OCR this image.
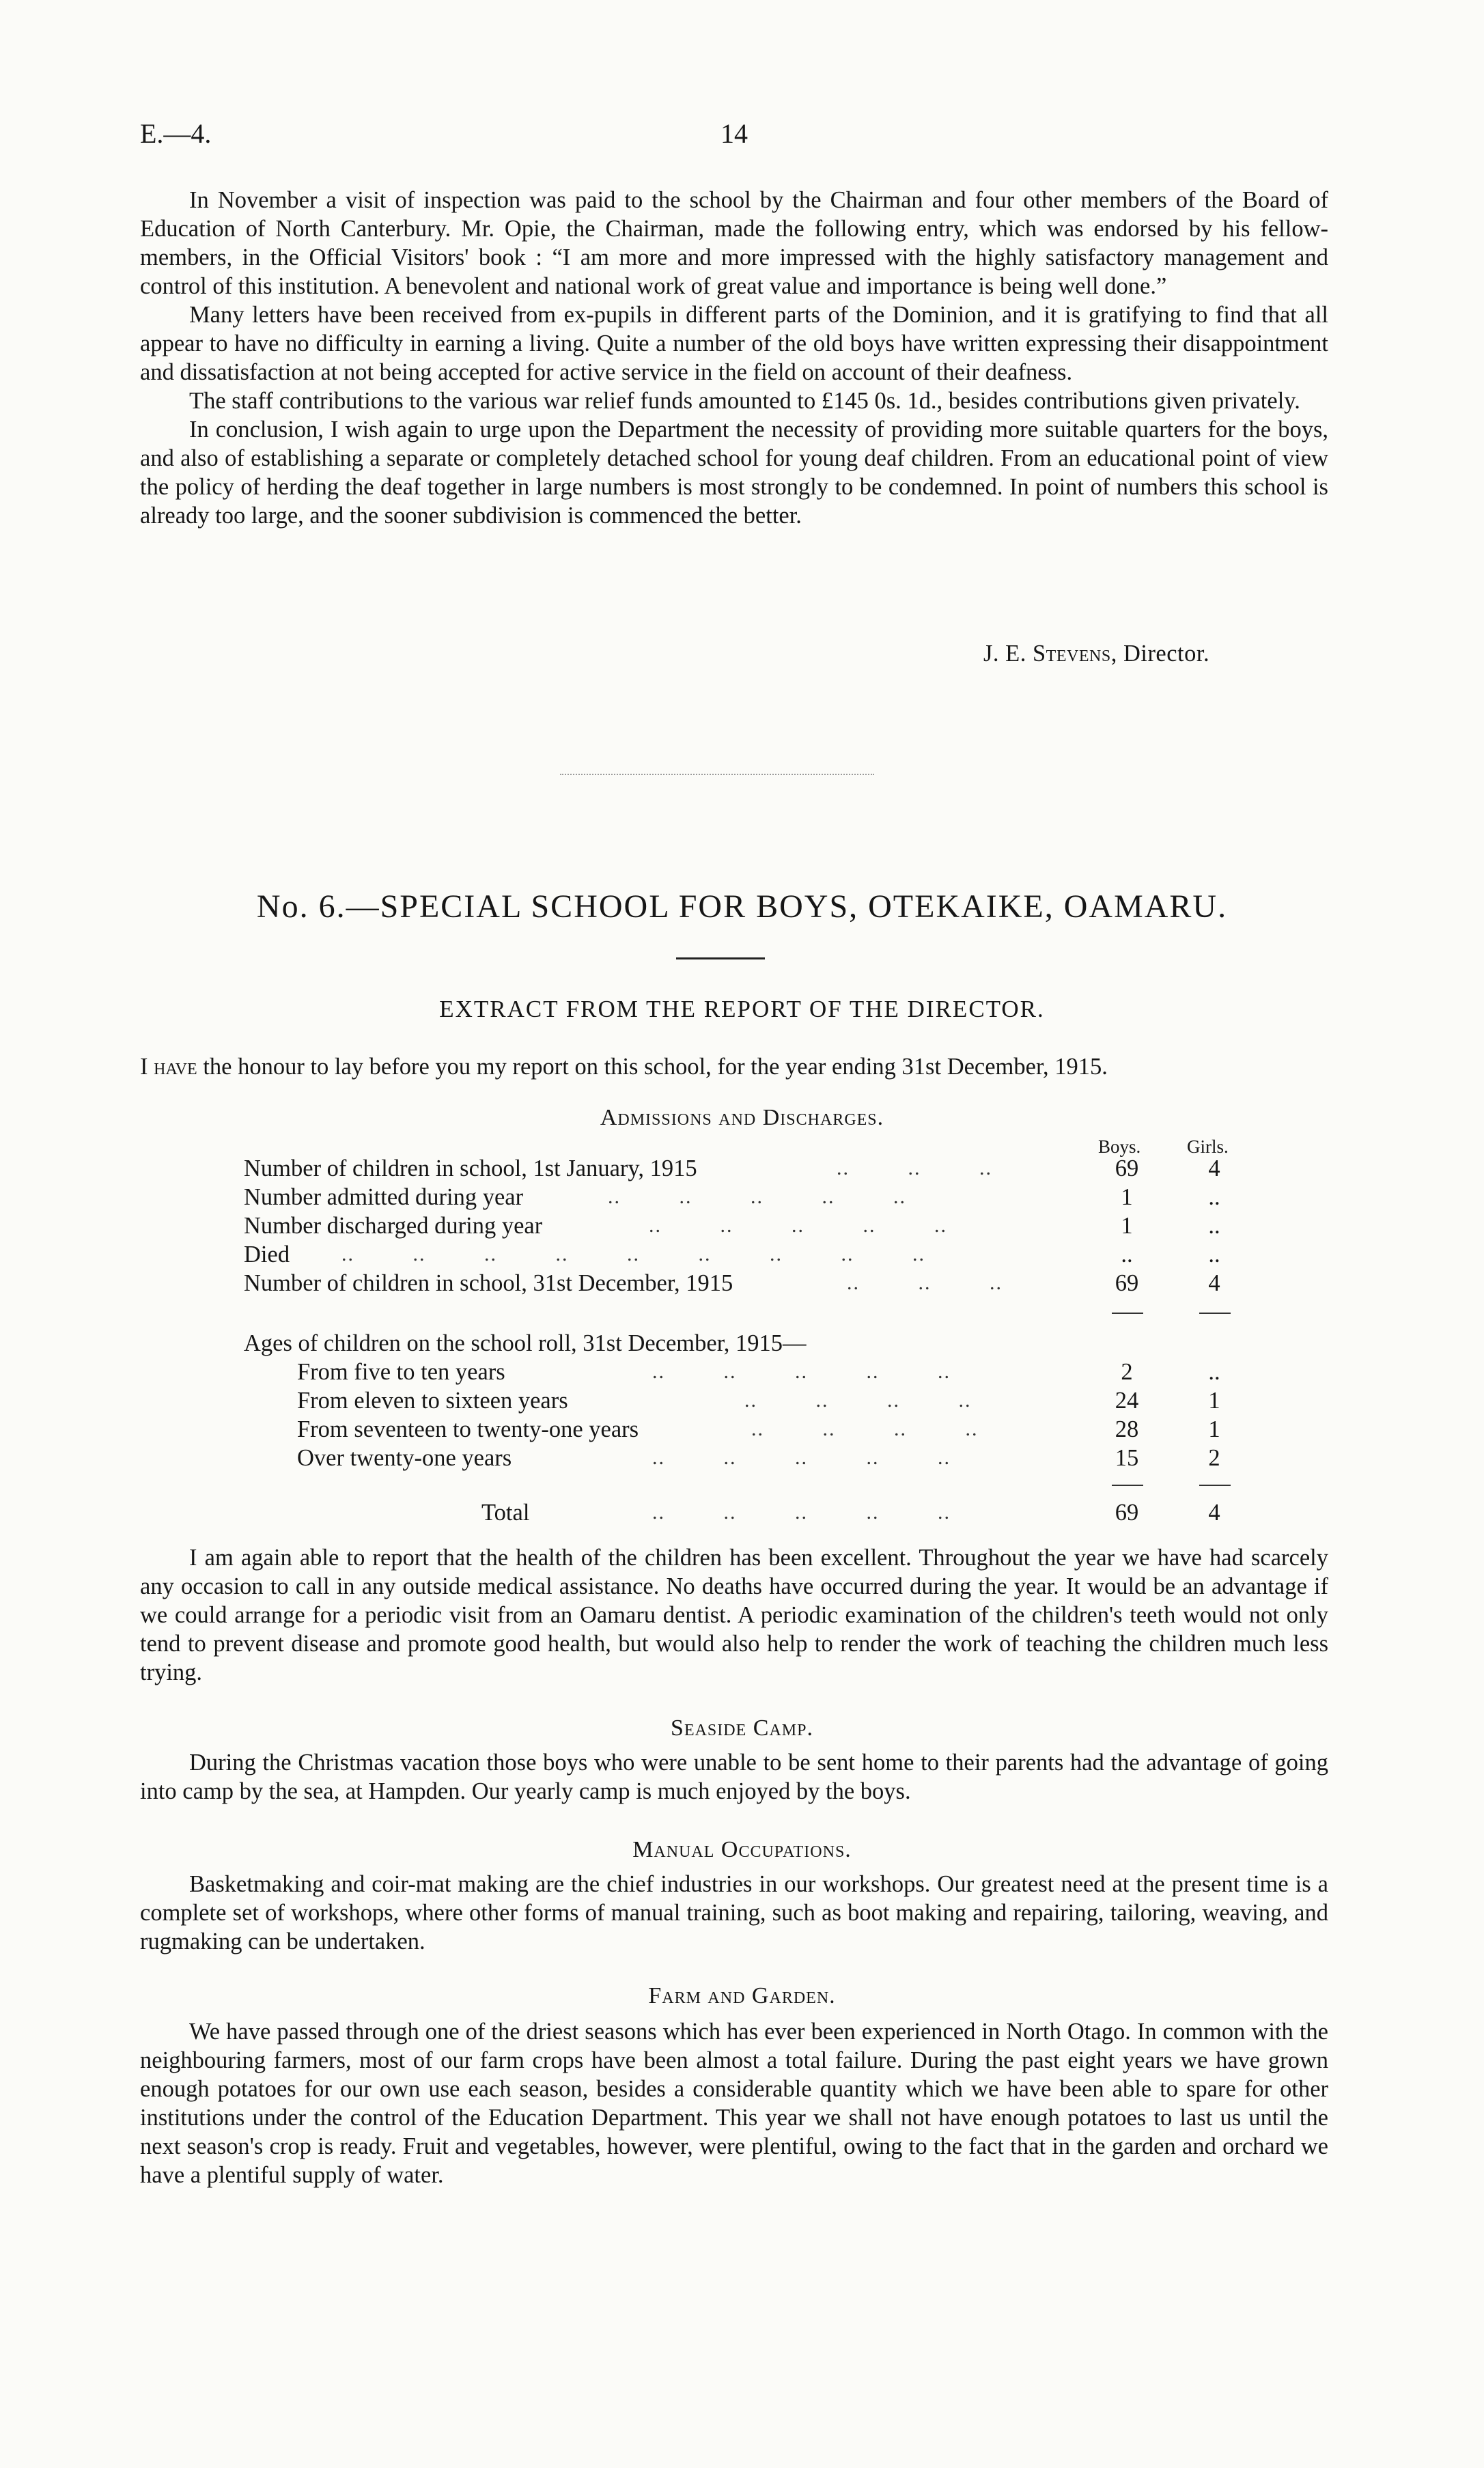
E.—4.	14

In November a visit of inspection was paid to the school by the Chairman and four other members of the Board of Education of North Canterbury. Mr. Opie, the Chairman, made the following entry, which was endorsed by his fellow-members, in the Official Visitors' book : “I am more and more impressed with the highly satisfactory management and control of this institution. A benevolent and national work of great value and importance is being well done.”

Many letters have been received from ex-pupils in different parts of the Dominion, and it is gratifying to find that all appear to have no difficulty in earning a living. Quite a number of the old boys have written expressing their disappointment and dissatisfaction at not being accepted for active service in the field on account of their deafness.

The staff contributions to the various war relief funds amounted to £145 0s. 1d., besides contributions given privately.

In conclusion, I wish again to urge upon the Department the necessity of providing more suitable quarters for the boys, and also of establishing a separate or completely detached school for young deaf children. From an educational point of view the policy of herding the deaf together in large numbers is most strongly to be condemned. In point of numbers this school is already too large, and the sooner subdivision is commenced the better.

J. E. Stevens, Director.
No. 6.—SPECIAL SCHOOL FOR BOYS, OTEKAIKE, OAMARU.
EXTRACT FROM THE REPORT OF THE DIRECTOR.
I have the honour to lay before you my report on this school, for the year ending 31st December, 1915.
Admissions and Discharges.
Boys.	Girls.
Number of children in school, 1st January, 1915	..         ..         ..	69	4
Number admitted during year	..         ..         ..         ..         ..	1	..
Number discharged during year	..         ..         ..         ..         ..	1	..
Died	..         ..         ..         ..         ..         ..         ..         ..         ..	..	..
Number of children in school, 31st December, 1915	..         ..         ..	69	4
Ages of children on the school roll, 31st December, 1915—
From five to ten years	..         ..         ..         ..         ..	2	..
From eleven to sixteen years	..         ..         ..         ..	24	1
From seventeen to twenty-one years	..         ..         ..         ..	28	1
Over twenty-one years	..         ..         ..         ..         ..	15	2
Total	..         ..         ..         ..         ..	69	4

I am again able to report that the health of the children has been excellent. Throughout the year we have had scarcely any occasion to call in any outside medical assistance. No deaths have occurred during the year. It would be an advantage if we could arrange for a periodic visit from an Oamaru dentist. A periodic examination of the children's teeth would not only tend to prevent disease and promote good health, but would also help to render the work of teaching the children much less trying.

Seaside Camp.

During the Christmas vacation those boys who were unable to be sent home to their parents had the advantage of going into camp by the sea, at Hampden. Our yearly camp is much enjoyed by the boys.

Manual Occupations.

Basketmaking and coir-mat making are the chief industries in our workshops. Our greatest need at the present time is a complete set of workshops, where other forms of manual training, such as boot making and repairing, tailoring, weaving, and rugmaking can be undertaken.

Farm and Garden.

We have passed through one of the driest seasons which has ever been experienced in North Otago. In common with the neighbouring farmers, most of our farm crops have been almost a total failure. During the past eight years we have grown enough potatoes for our own use each season, besides a considerable quantity which we have been able to spare for other institutions under the control of the Education Department. This year we shall not have enough potatoes to last us until the next season's crop is ready. Fruit and vegetables, however, were plentiful, owing to the fact that in the garden and orchard we have a plentiful supply of water.
